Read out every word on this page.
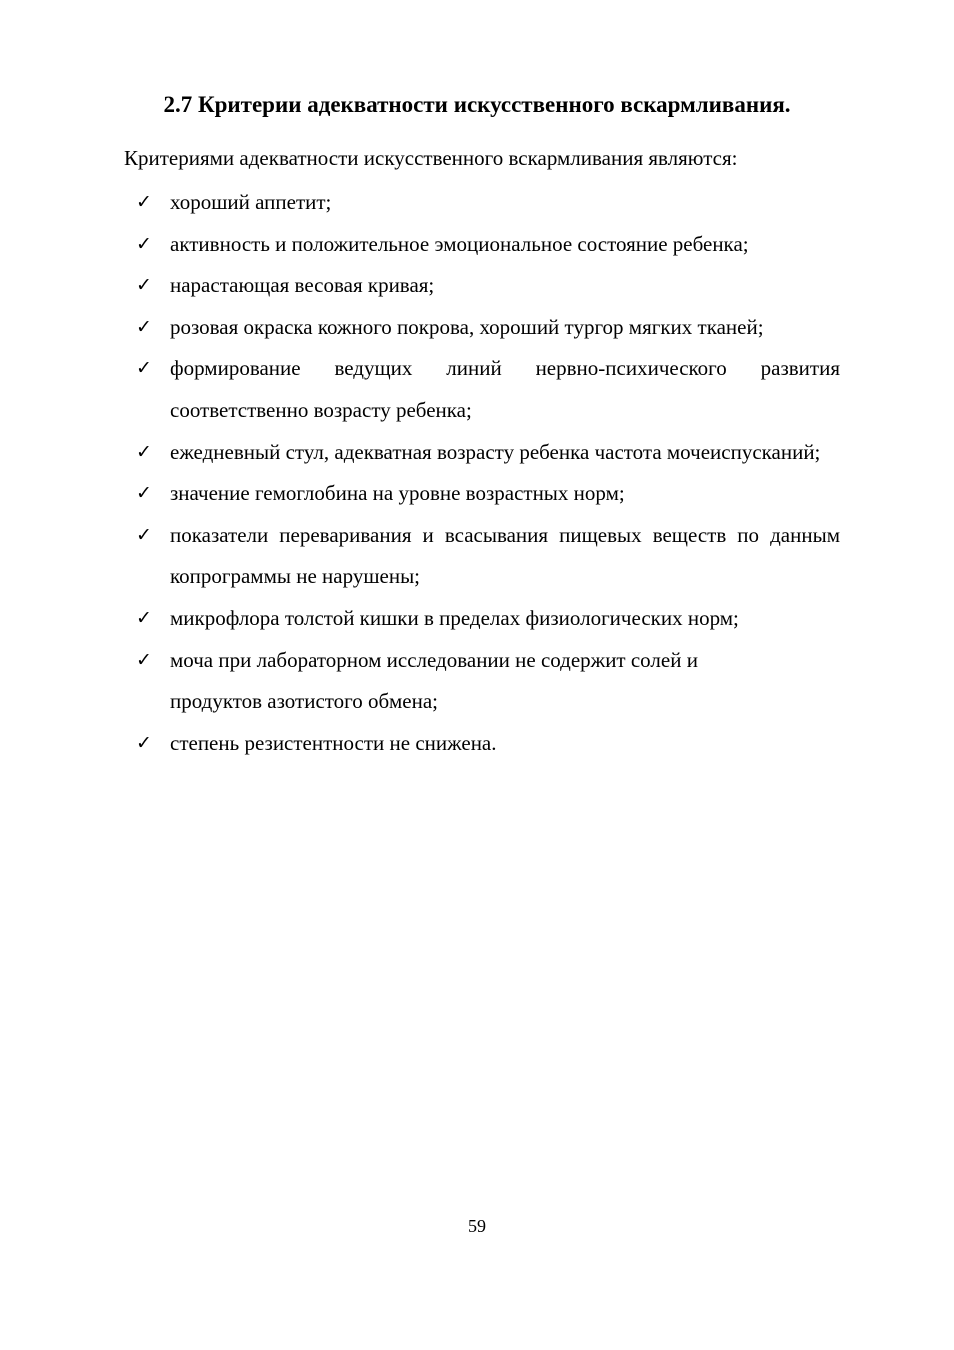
2.7 Критерии адекватности искусственного вскармливания.
Критериями адекватности искусственного вскармливания являются:
✓ хороший аппетит;
✓ активность и положительное эмоциональное состояние ребенка;
✓ нарастающая весовая кривая;
✓ розовая окраска кожного покрова, хороший тургор мягких тканей;
✓ формирование ведущих линий нервно-психического развития соответственно возрасту ребенка;
✓ ежедневный стул, адекватная возрасту ребенка частота мочеиспусканий;
✓ значение гемоглобина на уровне возрастных норм;
✓ показатели переваривания и всасывания пищевых веществ по данным копрограммы не нарушены;
✓ микрофлора толстой кишки в пределах физиологических норм;
✓ моча при лабораторном исследовании не содержит солей и продуктов азотистого обмена;
✓ степень резистентности не снижена.
59
